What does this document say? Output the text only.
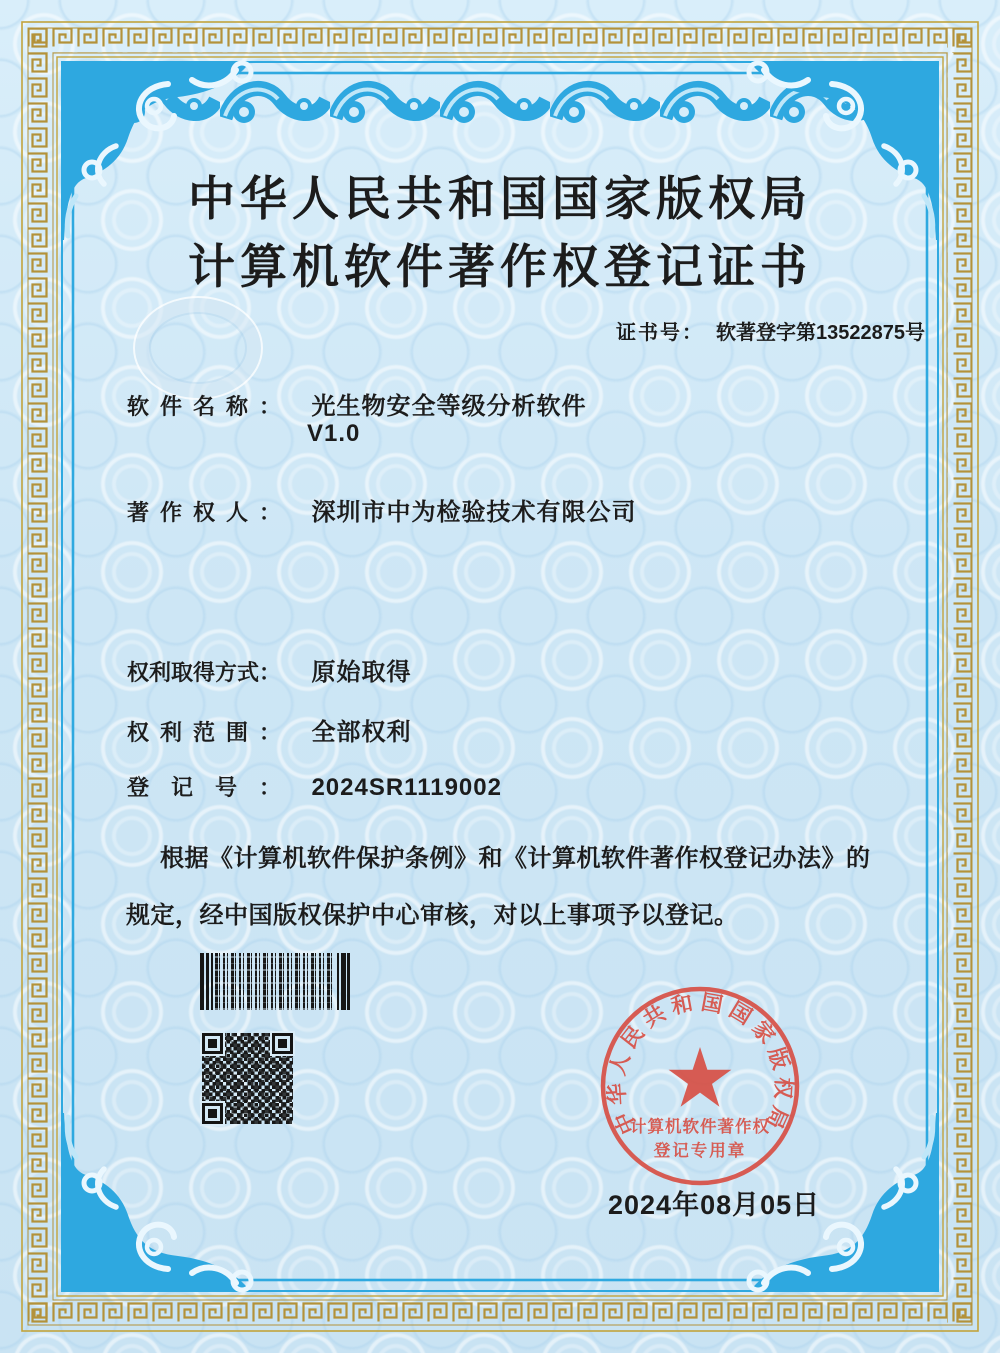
中华人民共和国国家版权局
计算机软件著作权登记证书
证书号： 软著登字第13522875号
软件名称： 光生物安全等级分析软件
V1.0
著作权人： 深圳市中为检验技术有限公司
权利取得方式： 原始取得
权利范围： 全部权利
登记号： 2024SR1119002
根据《计算机软件保护条例》和《计算机软件著作权登记办法》的
规定，经中国版权保护中心审核，对以上事项予以登记。
中华人民共和国国家版权局
计算机软件著作权
登记专用章
2024年08月05日
